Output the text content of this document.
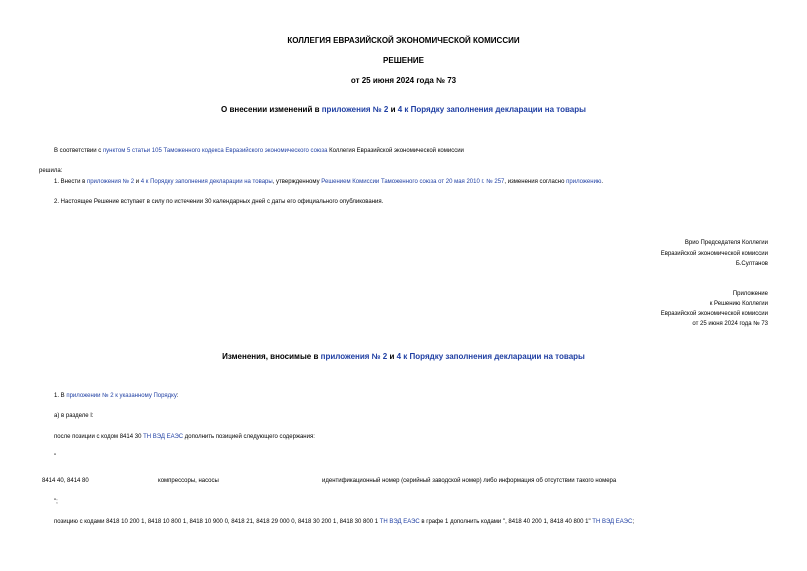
КОЛЛЕГИЯ ЕВРАЗИЙСКОЙ ЭКОНОМИЧЕСКОЙ КОМИССИИ
РЕШЕНИЕ
от 25 июня 2024 года № 73
О внесении изменений в приложения № 2 и 4 к Порядку заполнения декларации на товары
В соответствии с пунктом 5 статьи 105 Таможенного кодекса Евразийского экономического союза Коллегия Евразийской экономической комиссии
решила:
1. Внести в приложения № 2 и 4 к Порядку заполнения декларации на товары, утвержденному Решением Комиссии Таможенного союза от 20 мая 2010 г. № 257, изменения согласно приложению.
2. Настоящее Решение вступает в силу по истечении 30 календарных дней с даты его официального опубликования.
Врио Председателя Коллегии
Евразийской экономической комиссии
Б.Султанов
Приложение
к Решению Коллегии
Евразийской экономической комиссии
от 25 июня 2024 года № 73
Изменения, вносимые в приложения № 2 и 4 к Порядку заполнения декларации на товары
1. В приложении № 2 к указанному Порядку:
а) в разделе I:
после позиции с кодом 8414 30 ТН ВЭД ЕАЭС дополнить позицией следующего содержания:
"
8414 40, 8414 80	компрессоры, насосы	идентификационный номер (серийный заводской номер) либо информация об отсутствии такого номера
";
позицию с кодами 8418 10 200 1, 8418 10 800 1, 8418 10 900 0, 8418 21, 8418 29 000 0, 8418 30 200 1, 8418 30 800 1 ТН ВЭД ЕАЭС в графе 1 дополнить кодами ", 8418 40 200 1, 8418 40 800 1" ТН ВЭД ЕАЭС;
